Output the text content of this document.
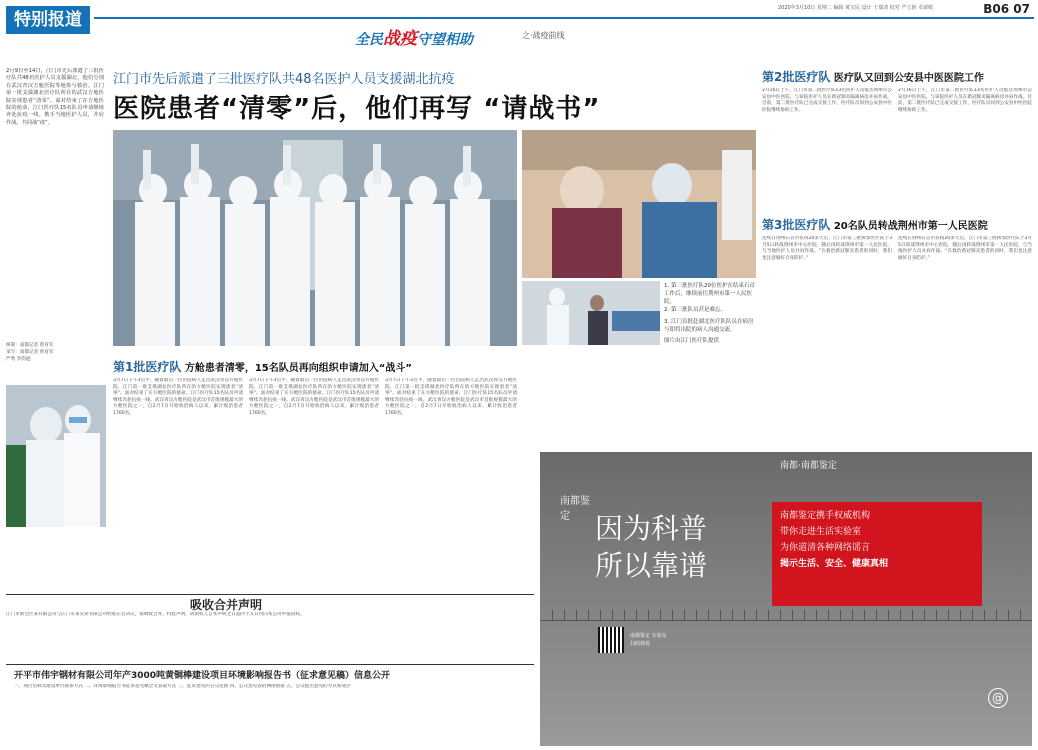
特别报道
2020年3月10日 星期二 编辑 黄宝民 设计 王瑞清 校对 严立新 卓淑媛	B06 07
全民战疫守望相助	之·战疫前线
2月9日至14日，江门市先后派遣了三批医疗队共48名医护人员支援湖北，他们分别在武汉青汉方舱医院等地参与救治。江门第一批支援湖北医疗队所在的武汉方舱医院实现患者“清零”。面对结束了在方舱医院的使命，江门医疗队15名队员申请继续奔赴抗疫一线。携手当地医护人员，并肩作战，共同战“疫”。
统筹：南都记者 曾育军
采写：南都记者 曾育军
严秀 罗韵逊
江门市先后派遣了三批医疗队共48名医护人员支援湖北抗疫
医院患者“清零”后，他们再写 “请战书”
1. 第三批医疗队20位医护在结束石首工作后，继续前往荆州市第一人民医院。
2. 第三批队员甚是难忘。
3. 江门首批赴湖北医疗队队员在病房与即将出院的病人沟通交流。
图片由江门医疗队提供
第1批医疗队 方舱患者清零，15名队员再向组织申请加入“战斗”
3月7日下午3点半，随着最后一位出院病人走出武汉青汉方舱医院，江门第一批支援湖北医疗队所在的方舱医院实现患者“清零”。面对结束了在方舱医院的使命，江门医疗队15名队员申请继续奔赴抗疫一线。武汉青汉方舱医院是武汉市首批规模最大的方舱医院之一，自2月7日开始收治病人以来，累计收治患者1760名。
3月7日下午3点半，随着最后一位出院病人走出武汉青汉方舱医院，江门第一批支援湖北医疗队所在的方舱医院实现患者“清零”。面对结束了在方舱医院的使命，江门医疗队15名队员申请继续奔赴抗疫一线。武汉青汉方舱医院是武汉市首批规模最大的方舱医院之一，自2月7日开始收治病人以来，累计收治患者1760名。
3月7日下午3点半，随着最后一位出院病人走出武汉青汉方舱医院，江门第一批支援湖北医疗队所在的方舱医院实现患者“清零”。面对结束了在方舱医院的使命，江门医疗队15名队员申请继续奔赴抗疫一线。武汉青汉方舱医院是武汉市首批规模最大的方舱医院之一，自2月7日开始收治病人以来，累计收治患者1760名。
第2批医疗队 医疗队又回到公安县中医医院工作
2月16日上午，江门市第二批医疗队13名医护人员抵达荆州市公安县中医医院，与该院医护人员在新冠肺炎隔离病房并肩作战。目前，第二批医疗队已完成交接工作，医疗队员回到公安县中医医院继续协助工作。
2月16日上午，江门市第二批医疗队13名医护人员抵达荆州市公安县中医医院，与该院医护人员在新冠肺炎隔离病房并肩作战。目前，第二批医疗队已完成交接工作，医疗队员回到公安县中医医院继续协助工作。
第3批医疗队 20名队员转战荆州市第一人民医院
连续在荆州石首市抗疫20多天后，江门市第三批援鄂医疗队于3月5日转战荆州市中心医院，随后再转战荆州市第一人民医院，与当地医护人员并肩作战。“在救治新冠肺炎患者的同时，我们也注意做好自身防护。”
连续在荆州石首市抗疫20多天后，江门市第三批援鄂医疗队于3月5日转战荆州市中心医院，随后再转战荆州市第一人民医院，与当地医护人员并肩作战。“在救治新冠肺炎患者的同时，我们也注意做好自身防护。”
南都·南都鉴定
南都鉴定 因为科普
所以靠谱
南都鉴定携手权威机构
带你走进生活实验室
为你道清各种网络谣言
揭示生活、安全、健康真相
南都鉴定 实验室 扫码观看
@
吸收合并声明
江门市新会区某有限公司与江门市某实业有限公司经股东会决议，拟吸收合并，特此声明。请债权人自本声明之日起四十五日内向本公司申报债权。
开平市伟宇钢材有限公司年产3000吨黄铜棒建设项目环境影响报告书（征求意见稿）信息公开
一、项目名称及建设单位联系方式 二、环境影响报告书征求意见稿全文获取方式 三、征求意见的公众范围 四、公众意见表的网络链接 五、公众提出意见的方式和途径
